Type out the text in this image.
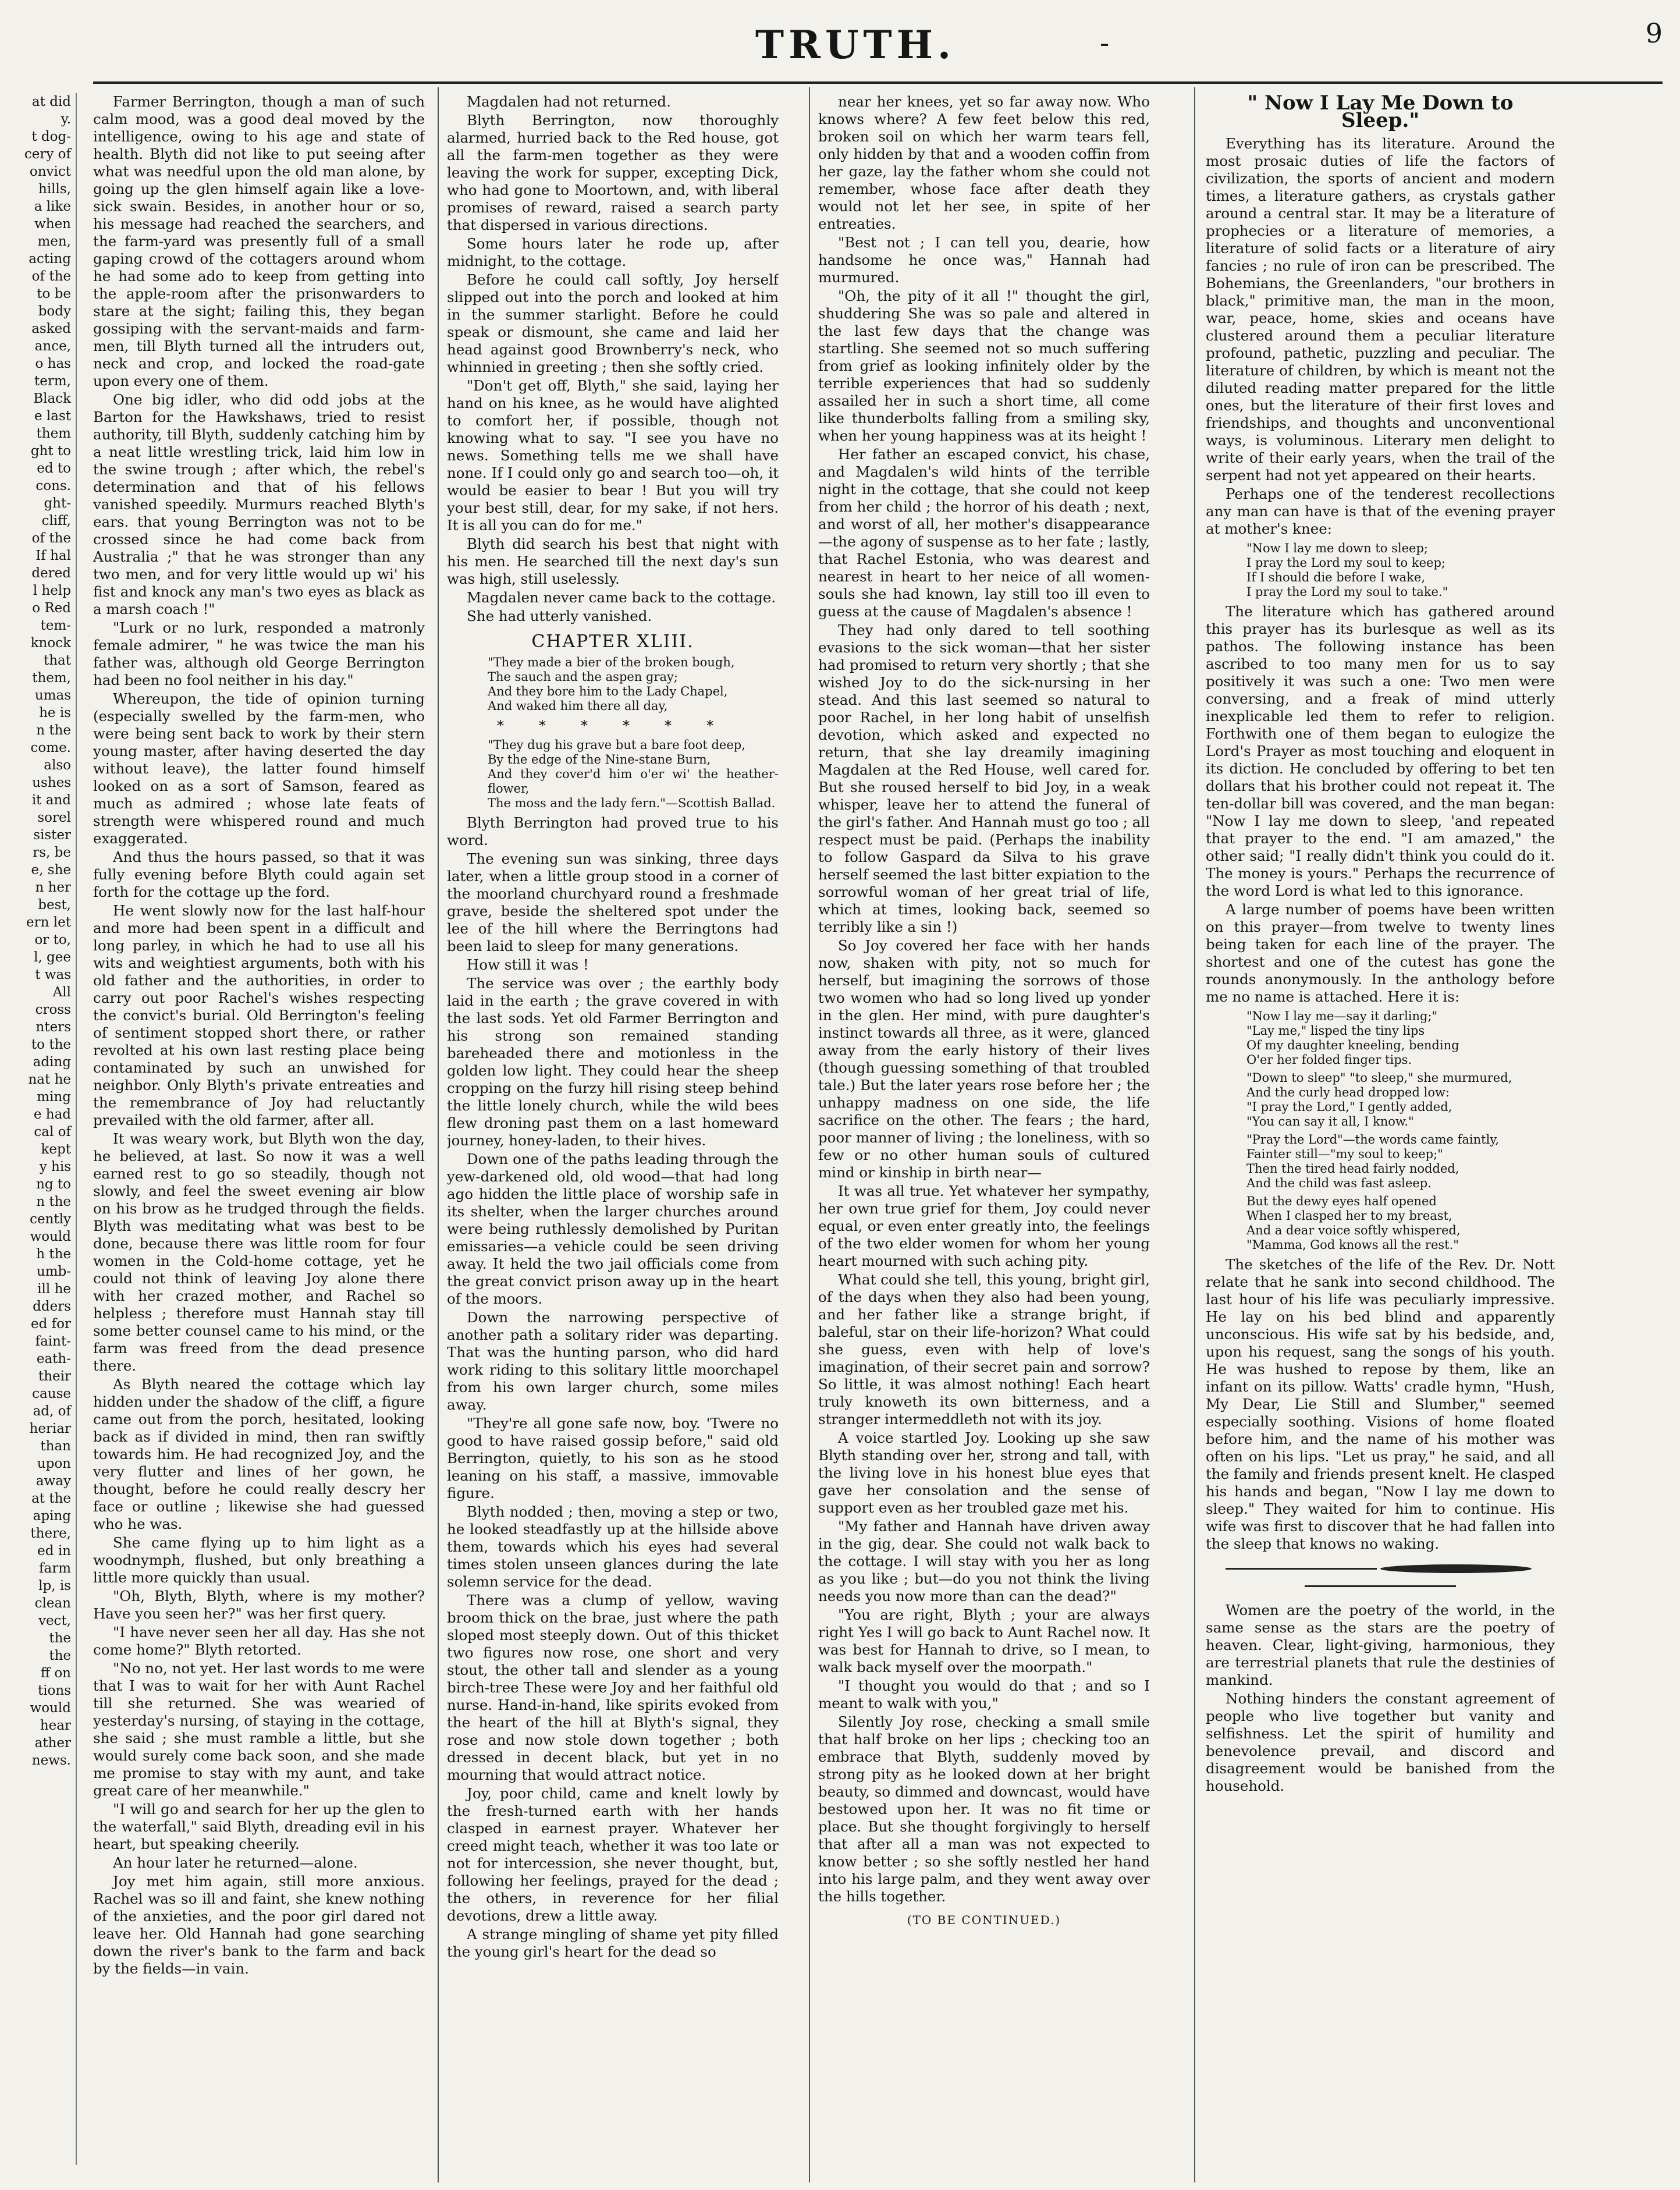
at did
y.
t dog-
cery of
onvict
hills,
a like
when
men,
acting
of the
to be
body
asked
ance,
o has
term,
Black
e last
them
ght to
ed to
cons.
ght-
cliff,
of the
If hal
dered
l help
o Red
tem-
knock
that
them,
umas
he is
n the
come.
also
ushes
it and
sorel
sister
rs, be
e, she
n her
best,
ern let
or to,
l, gee
t was
All
cross
nters
to the
ading
nat he
ming
e had
cal of
kept
y his
ng to
n the
cently
would
h the
umb-
ill he
dders
ed for
faint-
eath-
their
cause
ad, of
heriar
than
upon
away
at the
aping
there,
ed in
farm
lp, is
clean
vect,
the
the
ff on
tions
would
hear
ather
news.
TRUTH.	-	9

Farmer Berrington, though a man of such calm mood, was a good deal moved by the intelligence, owing to his age and state of health. Blyth did not like to put seeing after what was needful upon the old man alone, by going up the glen himself again like a love-sick swain. Besides, in another hour or so, his message had reached the searchers, and the farm-yard was presently full of a small gaping crowd of the cottagers around whom he had some ado to keep from getting into the apple-room after the prisonwarders to stare at the sight; failing this, they began gossiping with the servant-maids and farm-men, till Blyth turned all the intruders out, neck and crop, and locked the road-gate upon every one of them.

One big idler, who did odd jobs at the Barton for the Hawkshaws, tried to resist authority, till Blyth, suddenly catching him by a neat little wrestling trick, laid him low in the swine trough ; after which, the rebel's determination and that of his fellows vanished speedily. Murmurs reached Blyth's ears. that young Berrington was not to be crossed since he had come back from Australia ;" that he was stronger than any two men, and for very little would up wi' his fist and knock any man's two eyes as black as a marsh coach !"

"Lurk or no lurk, responded a matronly female admirer, " he was twice the man his father was, although old George Berrington had been no fool neither in his day."

Whereupon, the tide of opinion turning (especially swelled by the farm-men, who were being sent back to work by their stern young master, after having deserted the day without leave), the latter found himself looked on as a sort of Samson, feared as much as admired ; whose late feats of strength were whispered round and much exaggerated.

And thus the hours passed, so that it was fully evening before Blyth could again set forth for the cottage up the ford.

He went slowly now for the last half-hour and more had been spent in a difficult and long parley, in which he had to use all his wits and weightiest arguments, both with his old father and the authorities, in order to carry out poor Rachel's wishes respecting the convict's burial. Old Berrington's feeling of sentiment stopped short there, or rather revolted at his own last resting place being contaminated by such an unwished for neighbor. Only Blyth's private entreaties and the remembrance of Joy had reluctantly prevailed with the old farmer, after all.

It was weary work, but Blyth won the day, he believed, at last. So now it was a well earned rest to go so steadily, though not slowly, and feel the sweet evening air blow on his brow as he trudged through the fields. Blyth was meditating what was best to be done, because there was little room for four women in the Cold-home cottage, yet he could not think of leaving Joy alone there with her crazed mother, and Rachel so helpless ; therefore must Hannah stay till some better counsel came to his mind, or the farm was freed from the dead presence there.

As Blyth neared the cottage which lay hidden under the shadow of the cliff, a figure came out from the porch, hesitated, looking back as if divided in mind, then ran swiftly towards him. He had recognized Joy, and the very flutter and lines of her gown, he thought, before he could really descry her face or outline ; likewise she had guessed who he was.

She came flying up to him light as a woodnymph, flushed, but only breathing a little more quickly than usual.

"Oh, Blyth, Blyth, where is my mother? Have you seen her?" was her first query.

"I have never seen her all day. Has she not come home?" Blyth retorted.

"No no, not yet. Her last words to me were that I was to wait for her with Aunt Rachel till she returned. She was wearied of yesterday's nursing, of staying in the cottage, she said ; she must ramble a little, but she would surely come back soon, and she made me promise to stay with my aunt, and take great care of her meanwhile."

"I will go and search for her up the glen to the waterfall," said Blyth, dreading evil in his heart, but speaking cheerily.

An hour later he returned—alone.

Joy met him again, still more anxious. Rachel was so ill and faint, she knew nothing of the anxieties, and the poor girl dared not leave her. Old Hannah had gone searching down the river's bank to the farm and back by the fields—in vain.

Magdalen had not returned.

Blyth Berrington, now thoroughly alarmed, hurried back to the Red house, got all the farm-men together as they were leaving the work for supper, excepting Dick, who had gone to Moortown, and, with liberal promises of reward, raised a search party that dispersed in various directions.

Some hours later he rode up, after midnight, to the cottage.

Before he could call softly, Joy herself slipped out into the porch and looked at him in the summer starlight. Before he could speak or dismount, she came and laid her head against good Brownberry's neck, who whinnied in greeting ; then she softly cried.

"Don't get off, Blyth," she said, laying her hand on his knee, as he would have alighted to comfort her, if possible, though not knowing what to say. "I see you have no news. Something tells me we shall have none. If I could only go and search too—oh, it would be easier to bear ! But you will try your best still, dear, for my sake, if not hers. It is all you can do for me."

Blyth did search his best that night with his men. He searched till the next day's sun was high, still uselessly.

Magdalen never came back to the cottage.

She had utterly vanished.

CHAPTER XLIII.
"They made a bier of the broken bough,
The sauch and the aspen gray;
And they bore him to the Lady Chapel,
And waked him there all day,
* * * * * *
"They dug his grave but a bare foot deep,
By the edge of the Nine-stane Burn,
And they cover'd him o'er wi' the heather-flower,
The moss and the lady fern."—Scottish Ballad.

Blyth Berrington had proved true to his word.

The evening sun was sinking, three days later, when a little group stood in a corner of the moorland churchyard round a freshmade grave, beside the sheltered spot under the lee of the hill where the Berringtons had been laid to sleep for many generations.

How still it was !

The service was over ; the earthly body laid in the earth ; the grave covered in with the last sods. Yet old Farmer Berrington and his strong son remained standing bareheaded there and motionless in the golden low light. They could hear the sheep cropping on the furzy hill rising steep behind the little lonely church, while the wild bees flew droning past them on a last homeward journey, honey-laden, to their hives.

Down one of the paths leading through the yew-darkened old, old wood—that had long ago hidden the little place of worship safe in its shelter, when the larger churches around were being ruthlessly demolished by Puritan emissaries—a vehicle could be seen driving away. It held the two jail officials come from the great convict prison away up in the heart of the moors.

Down the narrowing perspective of another path a solitary rider was departing. That was the hunting parson, who did hard work riding to this solitary little moorchapel from his own larger church, some miles away.

"They're all gone safe now, boy. 'Twere no good to have raised gossip before," said old Berrington, quietly, to his son as he stood leaning on his staff, a massive, immovable figure.

Blyth nodded ; then, moving a step or two, he looked steadfastly up at the hillside above them, towards which his eyes had several times stolen unseen glances during the late solemn service for the dead.

There was a clump of yellow, waving broom thick on the brae, just where the path sloped most steeply down. Out of this thicket two figures now rose, one short and very stout, the other tall and slender as a young birch-tree These were Joy and her faithful old nurse. Hand-in-hand, like spirits evoked from the heart of the hill at Blyth's signal, they rose and now stole down together ; both dressed in decent black, but yet in no mourning that would attract notice.

Joy, poor child, came and knelt lowly by the fresh-turned earth with her hands clasped in earnest prayer. Whatever her creed might teach, whether it was too late or not for intercession, she never thought, but, following her feelings, prayed for the dead ; the others, in reverence for her filial devotions, drew a little away.

A strange mingling of shame yet pity filled the young girl's heart for the dead so

near her knees, yet so far away now. Who knows where? A few feet below this red, broken soil on which her warm tears fell, only hidden by that and a wooden coffin from her gaze, lay the father whom she could not remember, whose face after death they would not let her see, in spite of her entreaties.

"Best not ; I can tell you, dearie, how handsome he once was," Hannah had murmured.

"Oh, the pity of it all !" thought the girl, shuddering She was so pale and altered in the last few days that the change was startling. She seemed not so much suffering from grief as looking infinitely older by the terrible experiences that had so suddenly assailed her in such a short time, all come like thunderbolts falling from a smiling sky, when her young happiness was at its height !

Her father an escaped convict, his chase, and Magdalen's wild hints of the terrible night in the cottage, that she could not keep from her child ; the horror of his death ; next, and worst of all, her mother's disappearance—the agony of suspense as to her fate ; lastly, that Rachel Estonia, who was dearest and nearest in heart to her neice of all women-souls she had known, lay still too ill even to guess at the cause of Magdalen's absence !

They had only dared to tell soothing evasions to the sick woman—that her sister had promised to return very shortly ; that she wished Joy to do the sick-nursing in her stead. And this last seemed so natural to poor Rachel, in her long habit of unselfish devotion, which asked and expected no return, that she lay dreamily imagining Magdalen at the Red House, well cared for. But she roused herself to bid Joy, in a weak whisper, leave her to attend the funeral of the girl's father. And Hannah must go too ; all respect must be paid. (Perhaps the inability to follow Gaspard da Silva to his grave herself seemed the last bitter expiation to the sorrowful woman of her great trial of life, which at times, looking back, seemed so terribly like a sin !)

So Joy covered her face with her hands now, shaken with pity, not so much for herself, but imagining the sorrows of those two women who had so long lived up yonder in the glen. Her mind, with pure daughter's instinct towards all three, as it were, glanced away from the early history of their lives (though guessing something of that troubled tale.) But the later years rose before her ; the unhappy madness on one side, the life sacrifice on the other. The fears ; the hard, poor manner of living ; the loneliness, with so few or no other human souls of cultured mind or kinship in birth near—

It was all true. Yet whatever her sympathy, her own true grief for them, Joy could never equal, or even enter greatly into, the feelings of the two elder women for whom her young heart mourned with such aching pity.

What could she tell, this young, bright girl, of the days when they also had been young, and her father like a strange bright, if baleful, star on their life-horizon? What could she guess, even with help of love's imagination, of their secret pain and sorrow? So little, it was almost nothing! Each heart truly knoweth its own bitterness, and a stranger intermeddleth not with its joy.

A voice startled Joy. Looking up she saw Blyth standing over her, strong and tall, with the living love in his honest blue eyes that gave her consolation and the sense of support even as her troubled gaze met his.

"My father and Hannah have driven away in the gig, dear. She could not walk back to the cottage. I will stay with you her as long as you like ; but—do you not think the living needs you now more than can the dead?"

"You are right, Blyth ; your are always right Yes I will go back to Aunt Rachel now. It was best for Hannah to drive, so I mean, to walk back myself over the moorpath."

"I thought you would do that ; and so I meant to walk with you,"

Silently Joy rose, checking a small smile that half broke on her lips ; checking too an embrace that Blyth, suddenly moved by strong pity as he looked down at her bright beauty, so dimmed and downcast, would have bestowed upon her. It was no fit time or place. But she thought forgivingly to herself that after all a man was not expected to know better ; so she softly nestled her hand into his large palm, and they went away over the hills together.

(TO BE CONTINUED.)
" Now I Lay Me Down to Sleep."

Everything has its literature. Around the most prosaic duties of life the factors of civilization, the sports of ancient and modern times, a literature gathers, as crystals gather around a central star. It may be a literature of prophecies or a literature of memories, a literature of solid facts or a literature of airy fancies ; no rule of iron can be prescribed. The Bohemians, the Greenlanders, "our brothers in black," primitive man, the man in the moon, war, peace, home, skies and oceans have clustered around them a peculiar literature profound, pathetic, puzzling and peculiar. The literature of children, by which is meant not the diluted reading matter prepared for the little ones, but the literature of their first loves and friendships, and thoughts and unconventional ways, is voluminous. Literary men delight to write of their early years, when the trail of the serpent had not yet appeared on their hearts.

Perhaps one of the tenderest recollections any man can have is that of the evening prayer at mother's knee:

"Now I lay me down to sleep;
I pray the Lord my soul to keep;
If I should die before I wake,
I pray the Lord my soul to take."

The literature which has gathered around this prayer has its burlesque as well as its pathos. The following instance has been ascribed to too many men for us to say positively it was such a one: Two men were conversing, and a freak of mind utterly inexplicable led them to refer to religion. Forthwith one of them began to eulogize the Lord's Prayer as most touching and eloquent in its diction. He concluded by offering to bet ten dollars that his brother could not repeat it. The ten-dollar bill was covered, and the man began: "Now I lay me down to sleep, 'and repeated that prayer to the end. "I am amazed," the other said; "I really didn't think you could do it. The money is yours." Perhaps the recurrence of the word Lord is what led to this ignorance.

A large number of poems have been written on this prayer—from twelve to twenty lines being taken for each line of the prayer. The shortest and one of the cutest has gone the rounds anonymously. In the anthology before me no name is attached. Here it is:

"Now I lay me—say it darling;"
"Lay me," lisped the tiny lips
Of my daughter kneeling, bending
O'er her folded finger tips.
"Down to sleep" "to sleep," she murmured,
And the curly head dropped low:
"I pray the Lord," I gently added,
"You can say it all, I know."
"Pray the Lord"—the words came faintly,
Fainter still—"my soul to keep;"
Then the tired head fairly nodded,
And the child was fast asleep.
But the dewy eyes half opened
When I clasped her to my breast,
And a dear voice softly whispered,
"Mamma, God knows all the rest."

The sketches of the life of the Rev. Dr. Nott relate that he sank into second childhood. The last hour of his life was peculiarly impressive. He lay on his bed blind and apparently unconscious. His wife sat by his bedside, and, upon his request, sang the songs of his youth. He was hushed to repose by them, like an infant on its pillow. Watts' cradle hymn, "Hush, My Dear, Lie Still and Slumber," seemed especially soothing. Visions of home floated before him, and the name of his mother was often on his lips. "Let us pray," he said, and all the family and friends present knelt. He clasped his hands and began, "Now I lay me down to sleep." They waited for him to continue. His wife was first to discover that he had fallen into the sleep that knows no waking.

Women are the poetry of the world, in the same sense as the stars are the poetry of heaven. Clear, light-giving, harmonious, they are terrestrial planets that rule the destinies of mankind.

Nothing hinders the constant agreement of people who live together but vanity and selfishness. Let the spirit of humility and benevolence prevail, and discord and disagreement would be banished from the household.
